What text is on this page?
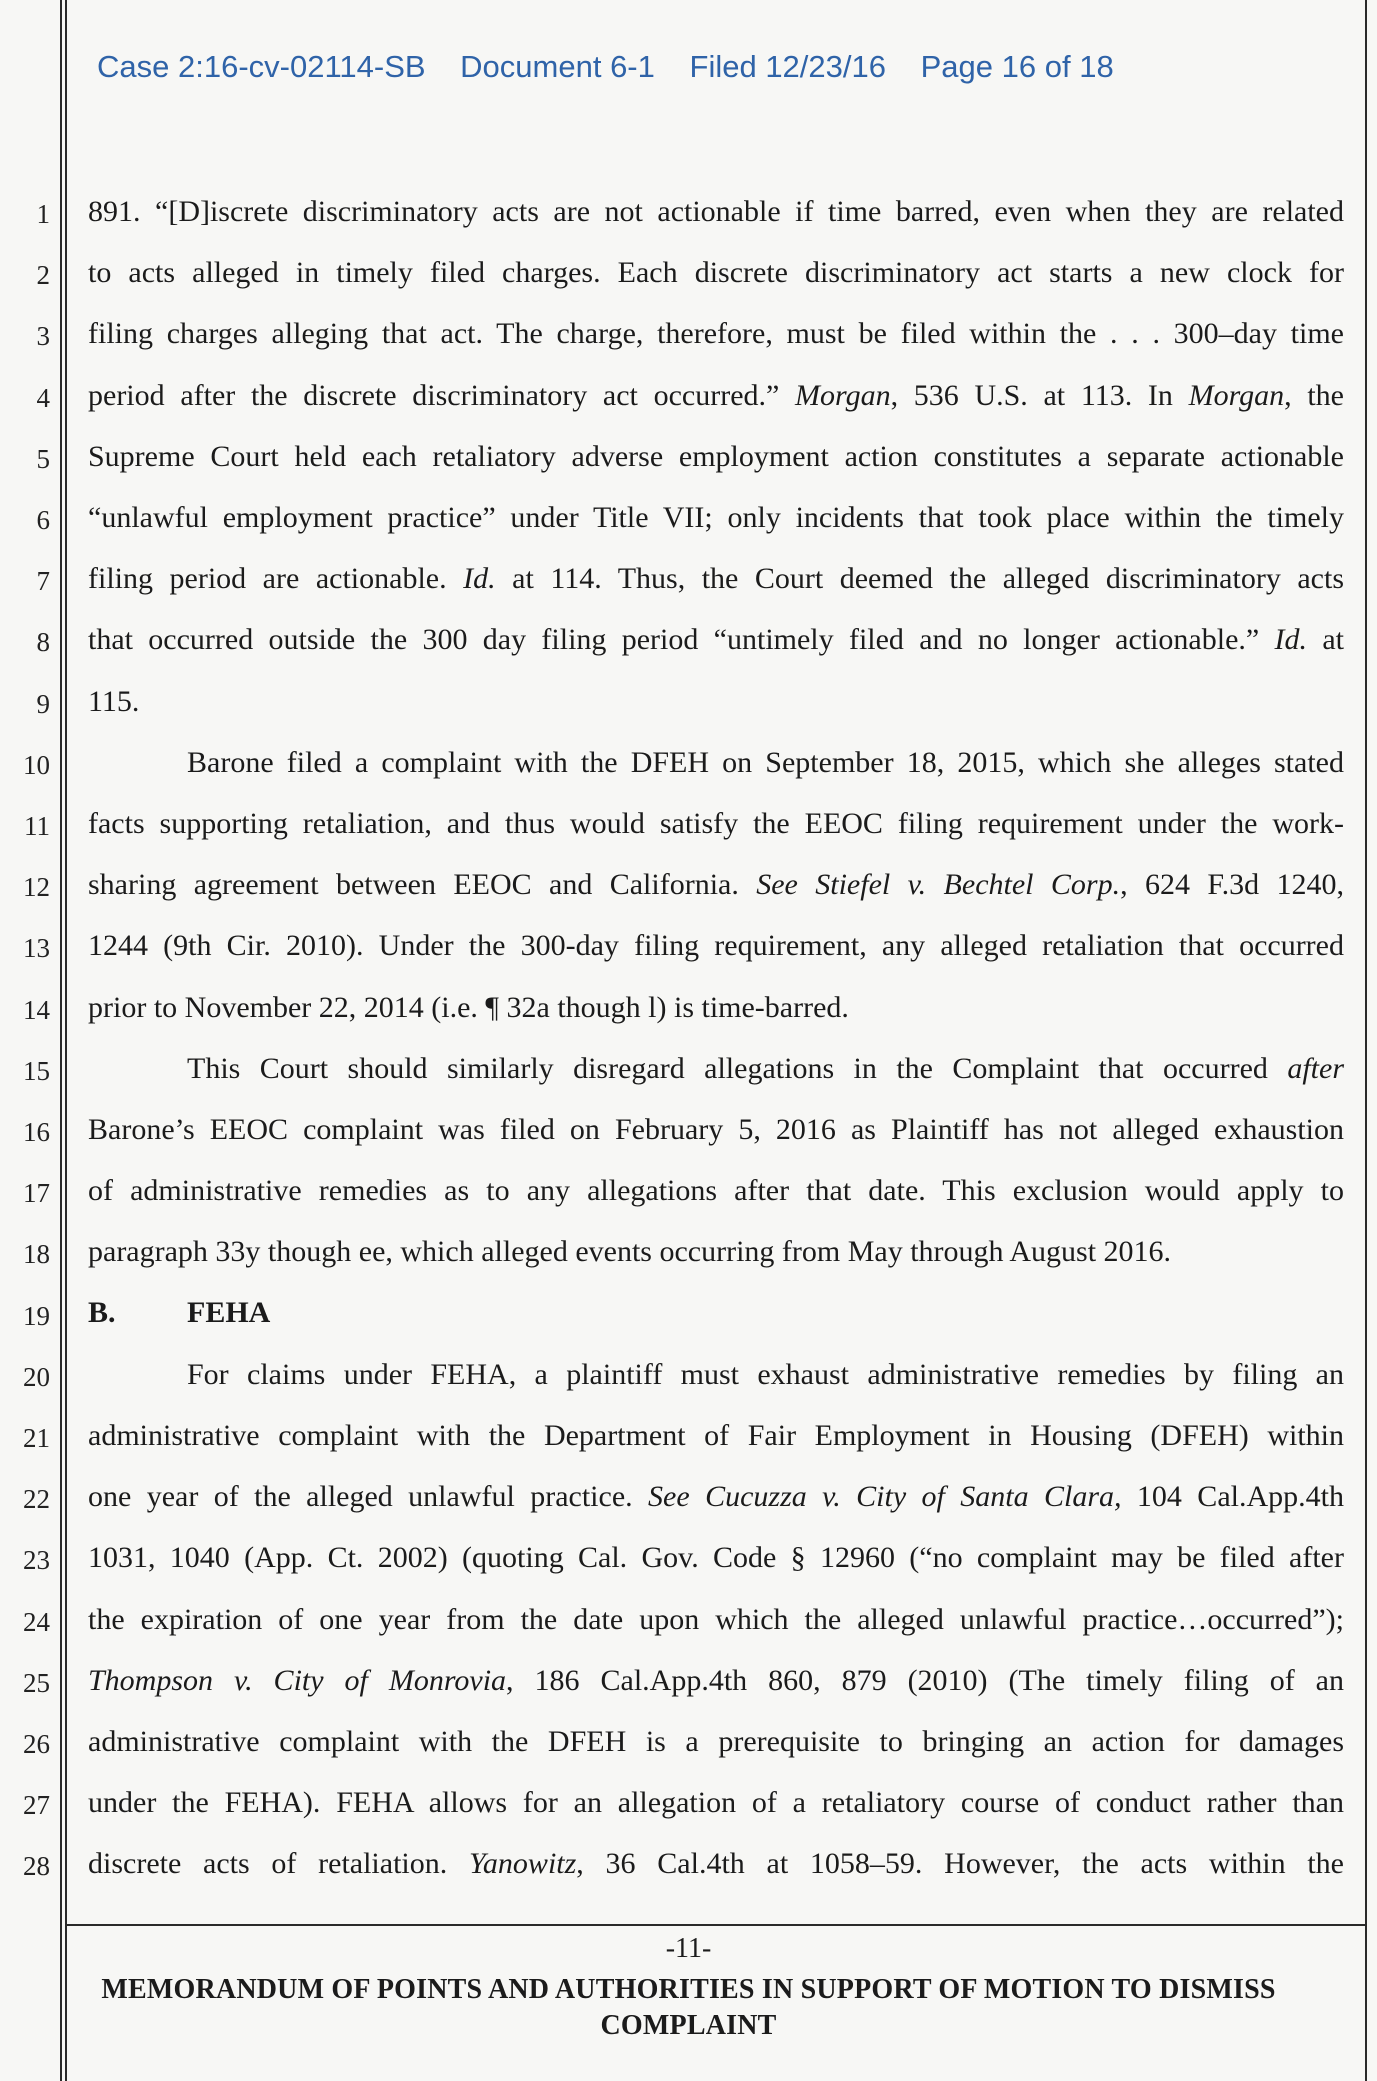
Case 2:16-cv-02114-SB Document 6-1 Filed 12/23/16 Page 16 of 18
1
2
3
4
5
6
7
8
9
10
11
12
13
14
15
16
17
18
19
20
21
22
23
24
25
26
27
28
891. “[D]iscrete discriminatory acts are not actionable if time barred, even when they are related
to acts alleged in timely filed charges. Each discrete discriminatory act starts a new clock for
filing charges alleging that act. The charge, therefore, must be filed within the . . . 300–day time
period after the discrete discriminatory act occurred.” Morgan, 536 U.S. at 113. In Morgan, the
Supreme Court held each retaliatory adverse employment action constitutes a separate actionable
“unlawful employment practice” under Title VII; only incidents that took place within the timely
filing period are actionable. Id. at 114. Thus, the Court deemed the alleged discriminatory acts
that occurred outside the 300 day filing period “untimely filed and no longer actionable.” Id. at
115.
Barone filed a complaint with the DFEH on September 18, 2015, which she alleges stated
facts supporting retaliation, and thus would satisfy the EEOC filing requirement under the work-
sharing agreement between EEOC and California. See Stiefel v. Bechtel Corp., 624 F.3d 1240,
1244 (9th Cir. 2010). Under the 300-day filing requirement, any alleged retaliation that occurred
prior to November 22, 2014 (i.e. ¶ 32a though l) is time-barred.
This Court should similarly disregard allegations in the Complaint that occurred after
Barone’s EEOC complaint was filed on February 5, 2016 as Plaintiff has not alleged exhaustion
of administrative remedies as to any allegations after that date. This exclusion would apply to
paragraph 33y though ee, which alleged events occurring from May through August 2016.
For claims under FEHA, a plaintiff must exhaust administrative remedies by filing an
administrative complaint with the Department of Fair Employment in Housing (DFEH) within
one year of the alleged unlawful practice. See Cucuzza v. City of Santa Clara, 104 Cal.App.4th
1031, 1040 (App. Ct. 2002) (quoting Cal. Gov. Code § 12960 (“no complaint may be filed after
the expiration of one year from the date upon which the alleged unlawful practice…occurred”);
Thompson v. City of Monrovia, 186 Cal.App.4th 860, 879 (2010) (The timely filing of an
administrative complaint with the DFEH is a prerequisite to bringing an action for damages
under the FEHA). FEHA allows for an allegation of a retaliatory course of conduct rather than
discrete acts of retaliation. Yanowitz, 36 Cal.4th at 1058–59. However, the acts within the
B. FEHA
-11-
MEMORANDUM OF POINTS AND AUTHORITIES IN SUPPORT OF MOTION TO DISMISS COMPLAINT
